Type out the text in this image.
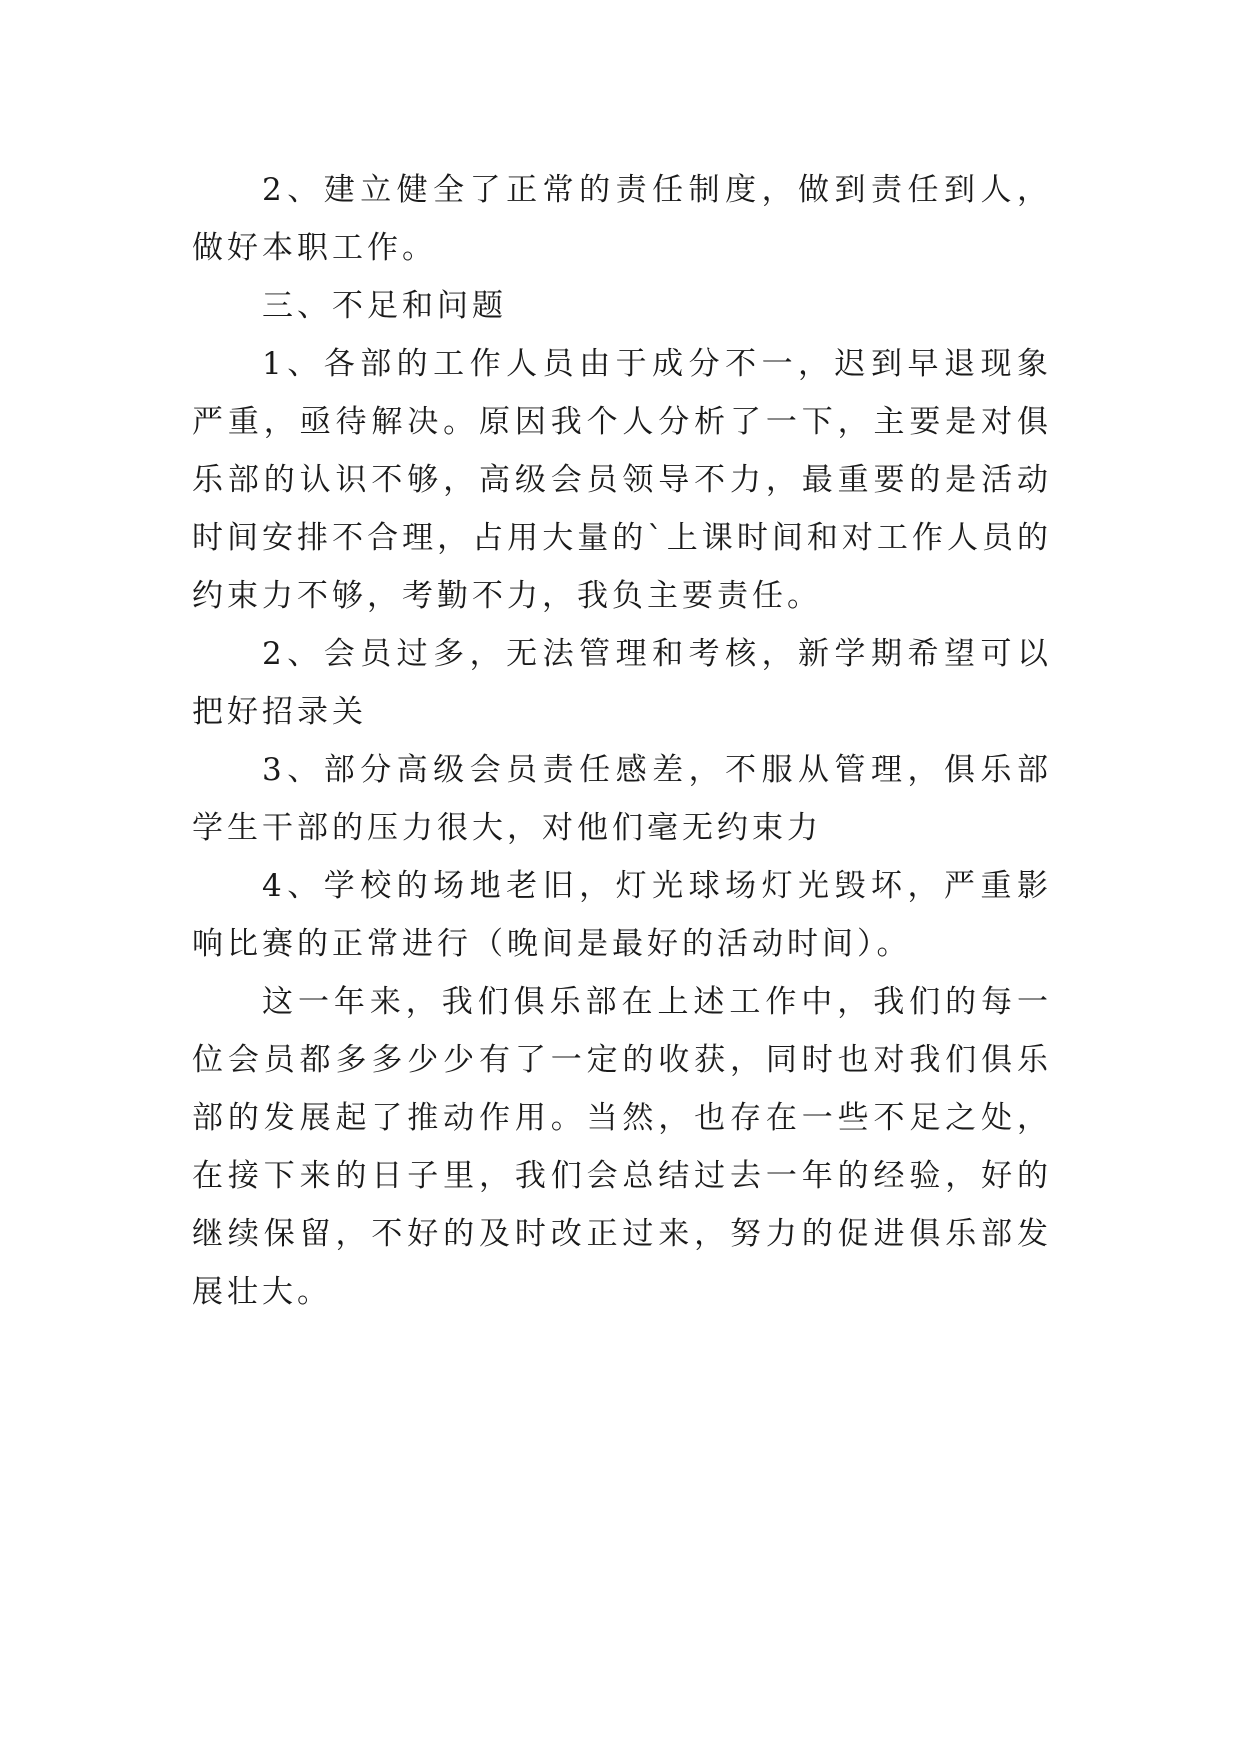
2、建立健全了正常的责任制度，做到责任到人，做好本职工作。

三、不足和问题

1、各部的工作人员由于成分不一，迟到早退现象严重，亟待解决。原因我个人分析了一下，主要是对俱乐部的认识不够，高级会员领导不力，最重要的是活动时间安排不合理，占用大量的`上课时间和对工作人员的约束力不够，考勤不力，我负主要责任。

2、会员过多，无法管理和考核，新学期希望可以把好招录关

3、部分高级会员责任感差，不服从管理，俱乐部学生干部的压力很大，对他们毫无约束力

4、学校的场地老旧，灯光球场灯光毁坏，严重影响比赛的正常进行（晚间是最好的活动时间）。

这一年来，我们俱乐部在上述工作中，我们的每一位会员都多多少少有了一定的收获，同时也对我们俱乐部的发展起了推动作用。当然，也存在一些不足之处，在接下来的日子里，我们会总结过去一年的经验，好的继续保留，不好的及时改正过来，努力的促进俱乐部发展壮大。
